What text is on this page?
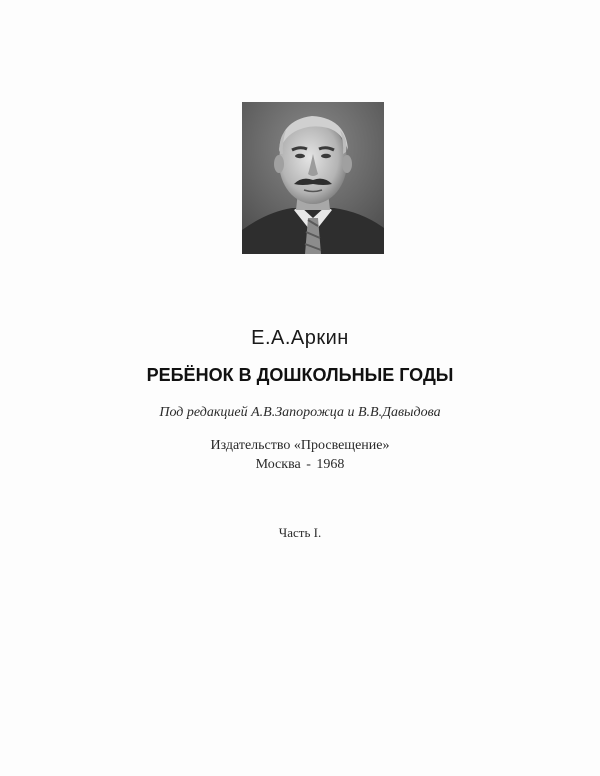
Е.А.Аркин
РЕБЁНОК В ДОШКОЛЬНЫЕ ГОДЫ
Под редакцией А.В.Запорожца и В.В.Давыдова
Издательство «Просвещение»
Москва - 1968
Часть I.
